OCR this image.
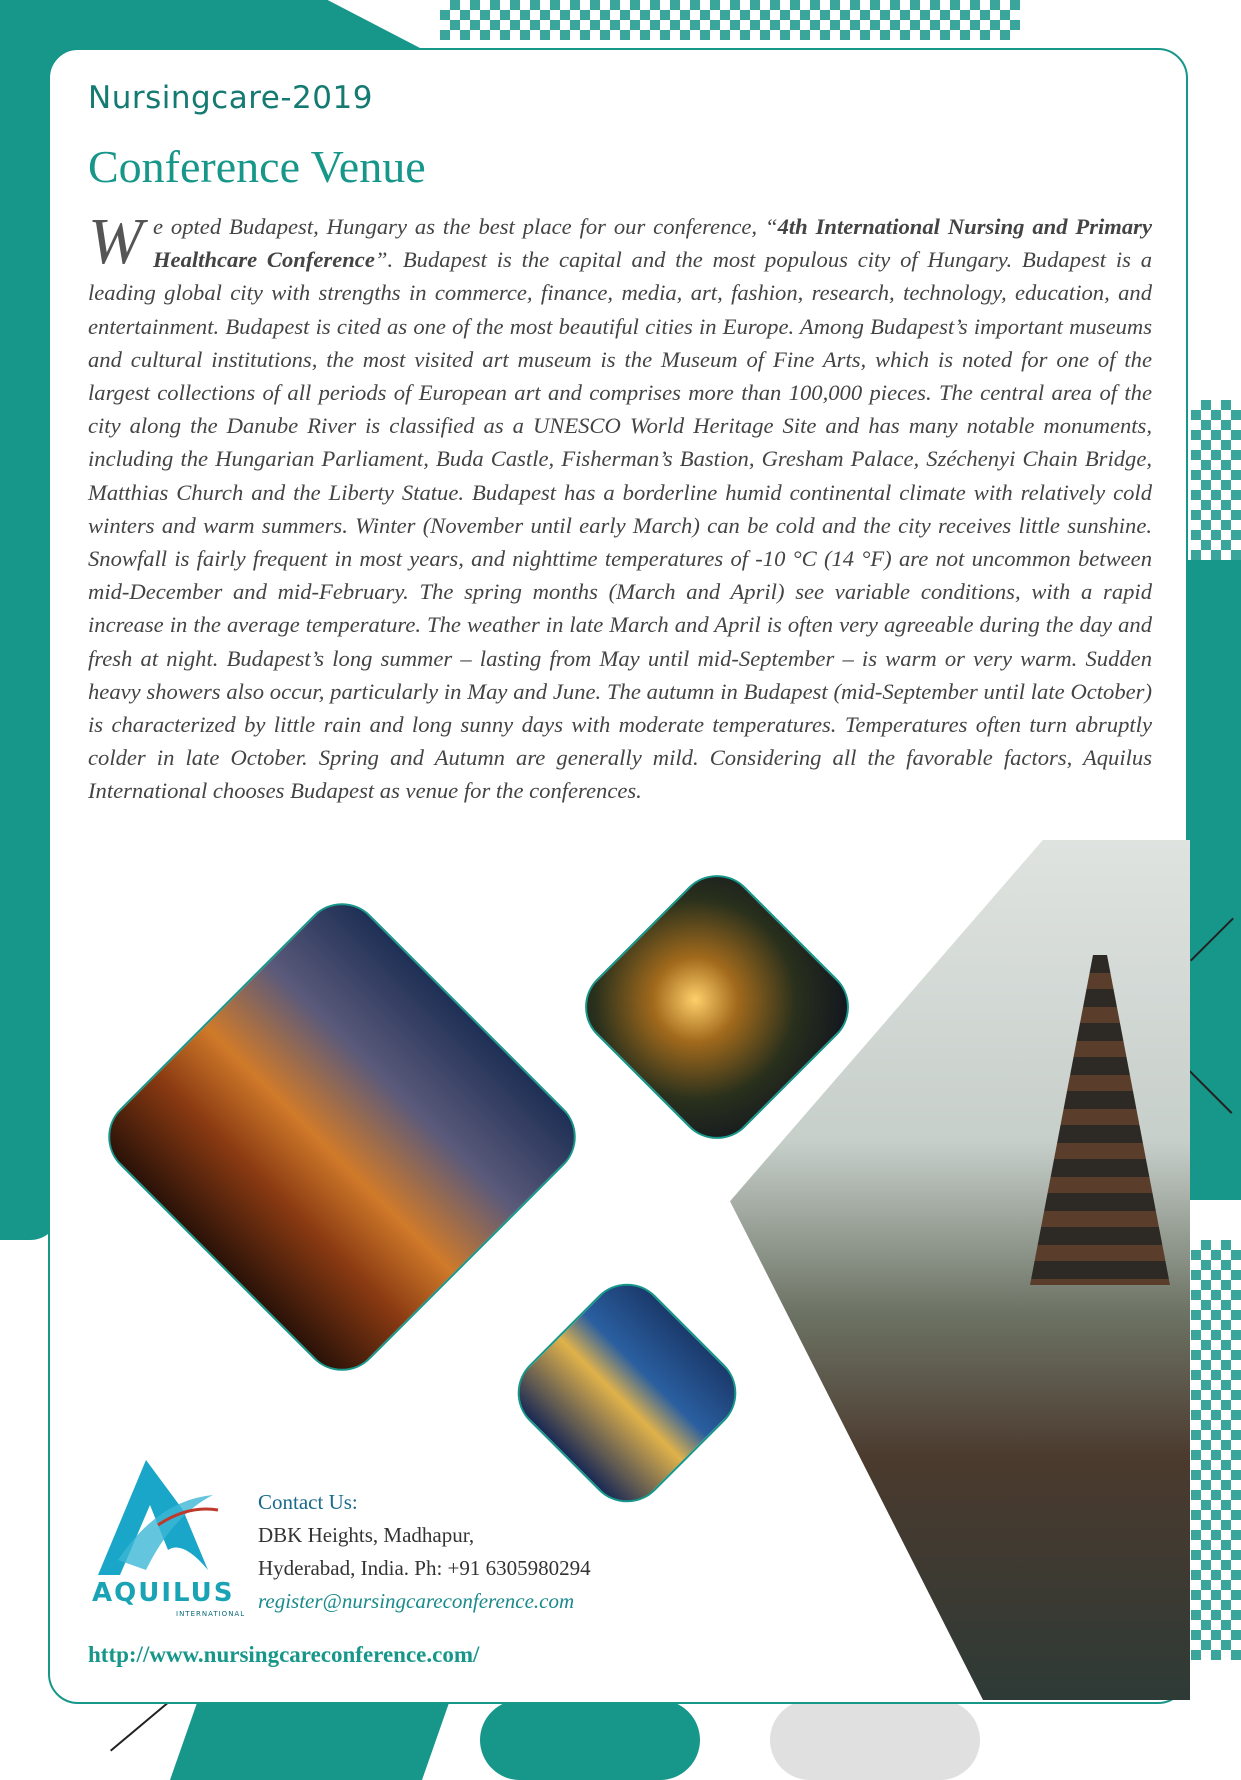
Nursingcare-2019
Conference Venue
We opted Budapest, Hungary as the best place for our conference, “4th International Nursing and Primary Healthcare Conference”. Budapest is the capital and the most populous city of Hungary. Budapest is a leading global city with strengths in commerce, finance, media, art, fashion, research, technology, education, and entertainment. Budapest is cited as one of the most beautiful cities in Europe. Among Budapest’s important museums and cultural institutions, the most visited art museum is the Museum of Fine Arts, which is noted for one of the largest collections of all periods of European art and comprises more than 100,000 pieces. The central area of the city along the Danube River is classified as a UNESCO World Heritage Site and has many notable monuments, including the Hungarian Parliament, Buda Castle, Fisherman’s Bastion, Gresham Palace, Széchenyi Chain Bridge, Matthias Church and the Liberty Statue. Budapest has a borderline humid continental climate with relatively cold winters and warm summers. Winter (November until early March) can be cold and the city receives little sunshine. Snowfall is fairly frequent in most years, and nighttime temperatures of -10 °C (14 °F) are not uncommon between mid-December and mid-February. The spring months (March and April) see variable conditions, with a rapid increase in the average temperature. The weather in late March and April is often very agreeable during the day and fresh at night. Budapest’s long summer – lasting from May until mid-September – is warm or very warm. Sudden heavy showers also occur, particularly in May and June. The autumn in Budapest (mid-September until late October) is characterized by little rain and long sunny days with moderate temperatures. Temperatures often turn abruptly colder in late October. Spring and Autumn are generally mild. Considering all the favorable factors, Aquilus International chooses Budapest as venue for the conferences.
AQUILUS
INTERNATIONAL
Contact Us:
DBK Heights, Madhapur,
Hyderabad, India. Ph: +91 6305980294
register@nursingcareconference.com
http://www.nursingcareconference.com/
